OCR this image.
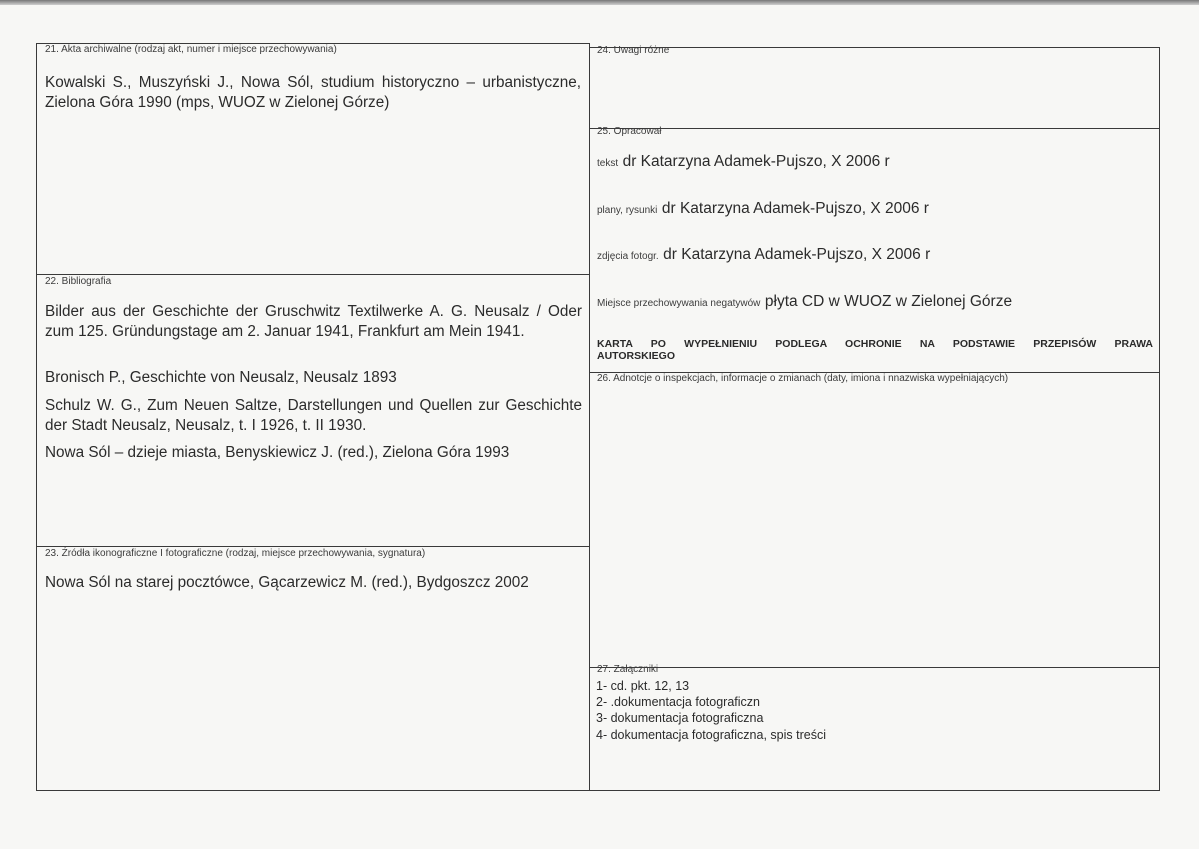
21. Akta archiwalne (rodzaj akt, numer i miejsce przechowywania)
Kowalski S., Muszyński J., Nowa Sól, studium historyczno – urbanistyczne, Zielona Góra 1990 (mps, WUOZ w Zielonej Górze)
22. Bibliografia
Bilder aus der Geschichte der Gruschwitz Textilwerke A. G. Neusalz / Oder zum 125. Gründungstage am 2. Januar 1941, Frankfurt am Mein 1941.
Bronisch P., Geschichte von Neusalz, Neusalz 1893
Schulz W. G., Zum Neuen Saltze, Darstellungen und Quellen zur Geschichte der Stadt Neusalz, Neusalz, t. I 1926, t. II 1930.
Nowa Sól – dzieje miasta, Benyskiewicz J. (red.), Zielona Góra 1993
23. Źródła ikonograficzne I fotograficzne (rodzaj, miejsce przechowywania, sygnatura)
Nowa Sól na starej pocztówce, Gącarzewicz M. (red.), Bydgoszcz 2002
24. Uwagi różne
25. Opracował
tekst dr Katarzyna Adamek-Pujszo, X 2006 r
plany, rysunki dr Katarzyna Adamek-Pujszo, X 2006 r
zdjęcia fotogr. dr Katarzyna Adamek-Pujszo, X 2006 r
Miejsce przechowywania negatywów płyta CD w WUOZ w Zielonej Górze
KARTA PO WYPEŁNIENIU PODLEGA OCHRONIE NA PODSTAWIE PRZEPISÓW PRAWA
AUTORSKIEGO
26. Adnotcje o inspekcjach, informacje o zmianach (daty, imiona i nnazwiska wypełniających)
27. Załączniki
1- cd. pkt. 12, 13
2- .dokumentacja fotograficzn
3- dokumentacja fotograficzna
4- dokumentacja fotograficzna, spis treści
